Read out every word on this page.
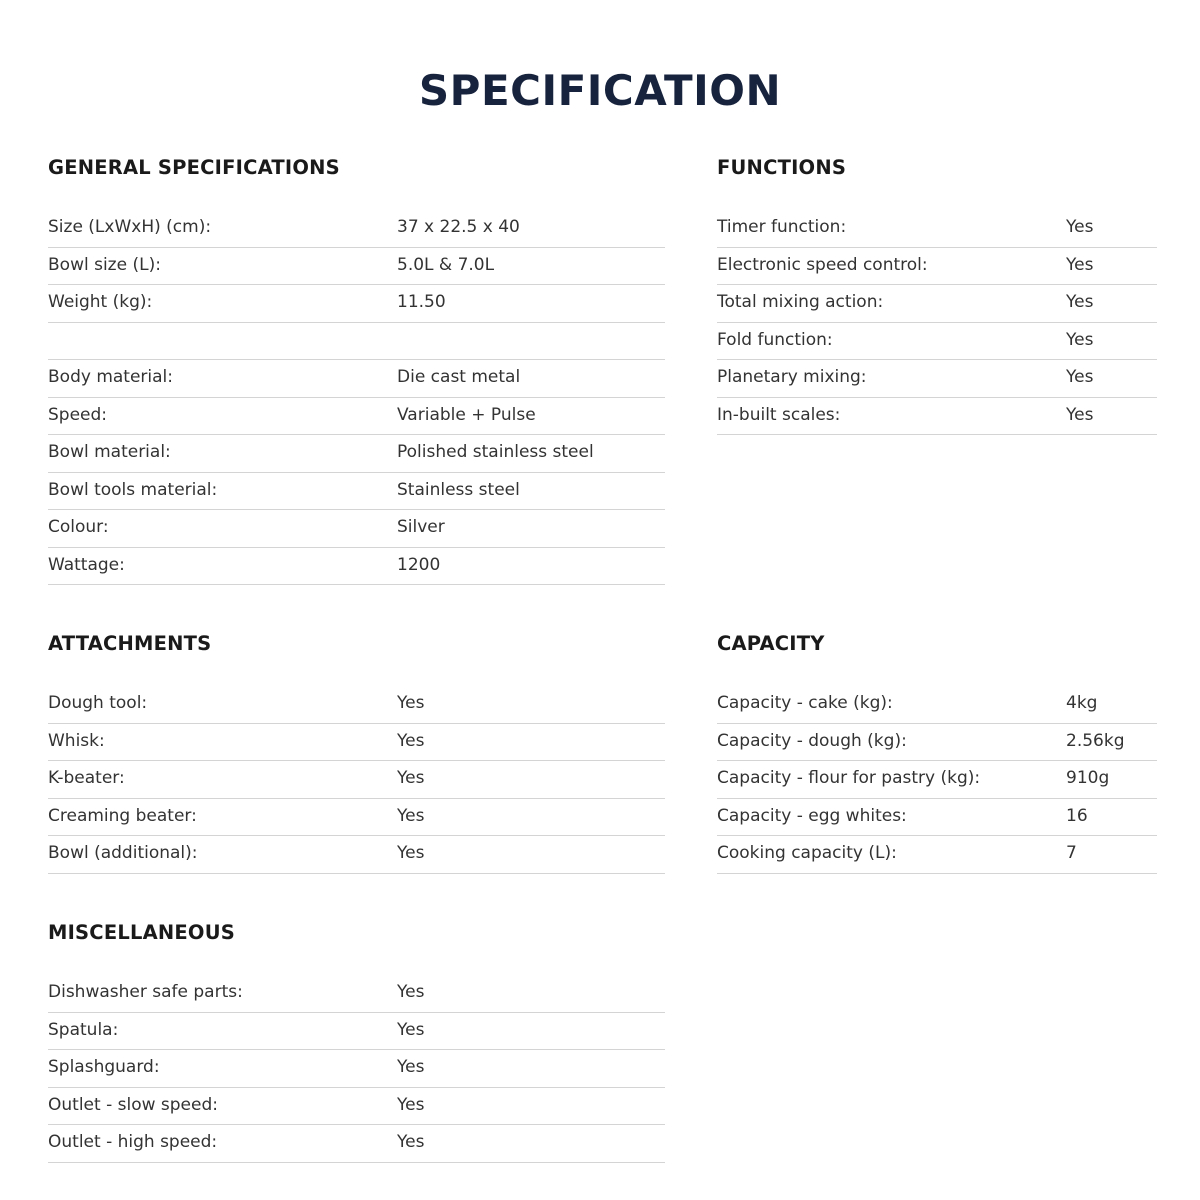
SPECIFICATION
GENERAL SPECIFICATIONS
Size (LxWxH) (cm):	37 x 22.5 x 40
Bowl size (L):	5.0L & 7.0L
Weight (kg):	11.50
Body material:	Die cast metal
Speed:	Variable + Pulse
Bowl material:	Polished stainless steel
Bowl tools material:	Stainless steel
Colour:	Silver
Wattage:	1200
FUNCTIONS
Timer function:	Yes
Electronic speed control:	Yes
Total mixing action:	Yes
Fold function:	Yes
Planetary mixing:	Yes
In-built scales:	Yes
ATTACHMENTS
Dough tool:	Yes
Whisk:	Yes
K-beater:	Yes
Creaming beater:	Yes
Bowl (additional):	Yes
CAPACITY
Capacity - cake (kg):	4kg
Capacity - dough (kg):	2.56kg
Capacity - flour for pastry (kg):	910g
Capacity - egg whites:	16
Cooking capacity (L):	7
MISCELLANEOUS
Dishwasher safe parts:	Yes
Spatula:	Yes
Splashguard:	Yes
Outlet - slow speed:	Yes
Outlet - high speed:	Yes
